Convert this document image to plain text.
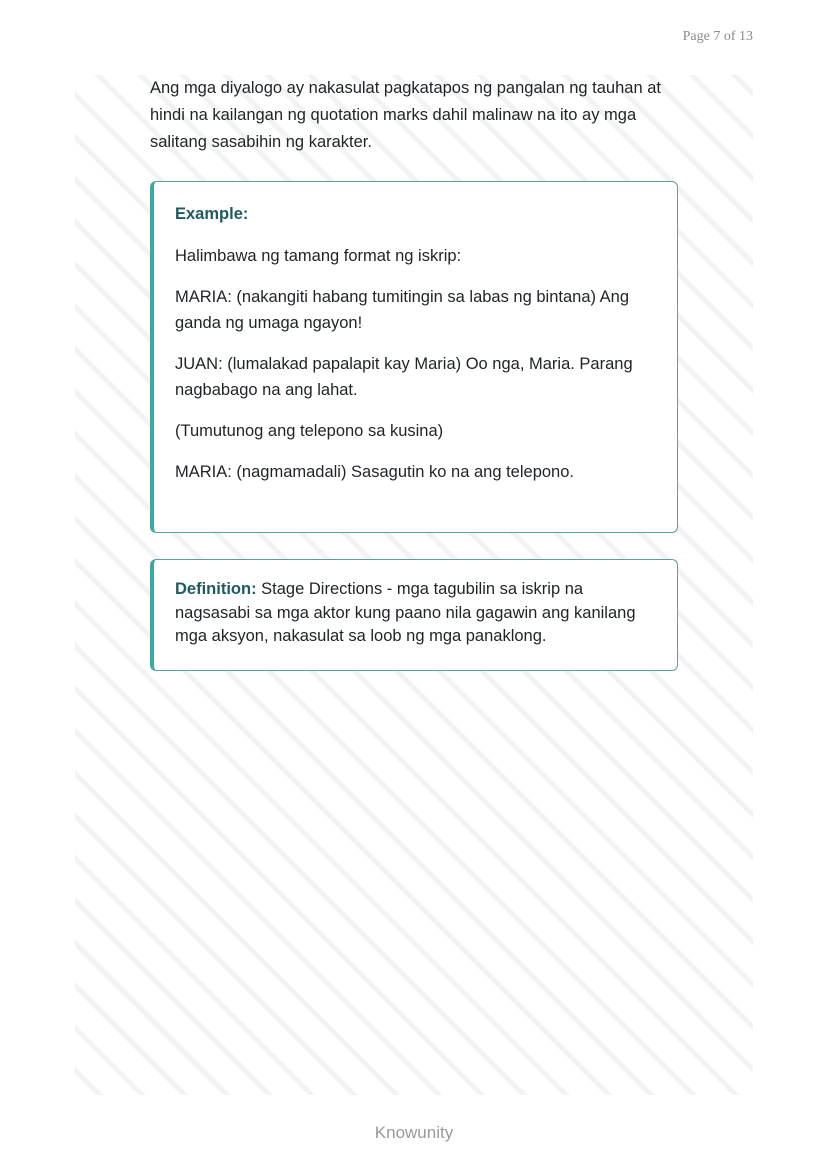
Page 7 of 13

Ang mga diyalogo ay nakasulat pagkatapos ng pangalan ng tauhan at hindi na kailangan ng quotation marks dahil malinaw na ito ay mga salitang sasabihin ng karakter.

Example:

Halimbawa ng tamang format ng iskrip:

MARIA: (nakangiti habang tumitingin sa labas ng bintana) Ang ganda ng umaga ngayon!

JUAN: (lumalakad papalapit kay Maria) Oo nga, Maria. Parang nagbabago na ang lahat.

(Tumutunog ang telepono sa kusina)

MARIA: (nagmamadali) Sasagutin ko na ang telepono.

Definition: Stage Directions - mga tagubilin sa iskrip na nagsasabi sa mga aktor kung paano nila gagawin ang kanilang mga aksyon, nakasulat sa loob ng mga panaklong.

Knowunity
